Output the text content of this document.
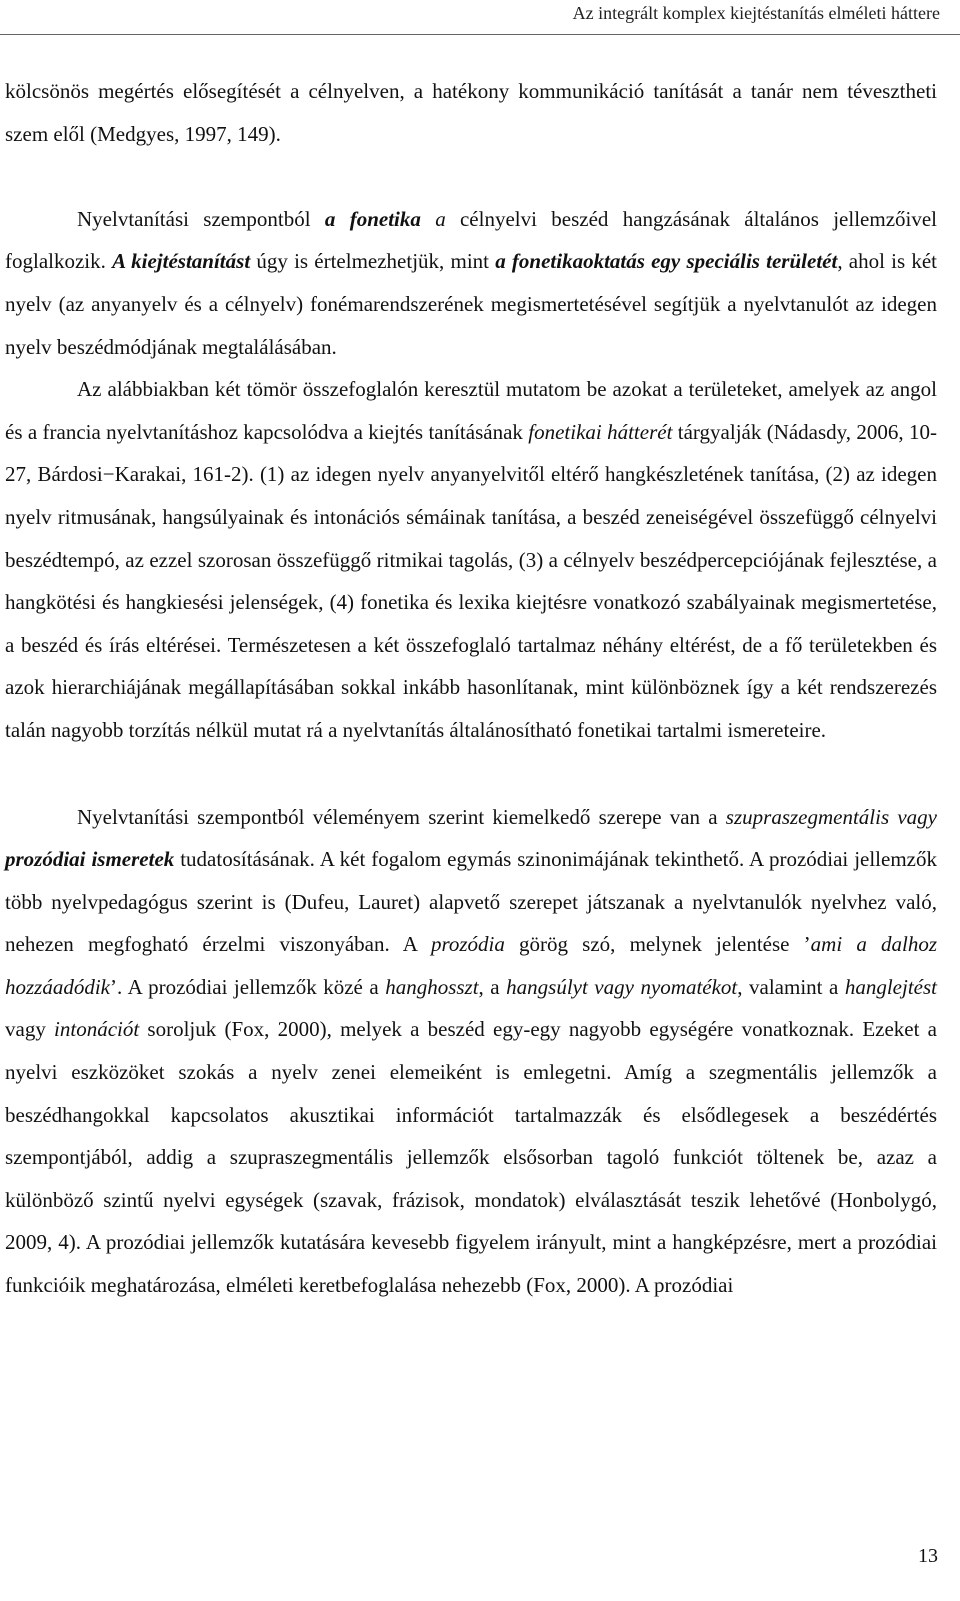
Az integrált komplex kiejtéstanítás elméleti háttere

kölcsönös megértés elősegítését a célnyelven, a hatékony kommunikáció tanítását a tanár nem tévesztheti szem elől (Medgyes, 1997, 149).

Nyelvtanítási szempontból a fonetika a célnyelvi beszéd hangzásának általános jellemzőivel foglalkozik. A kiejtéstanítást úgy is értelmezhetjük, mint a fonetikaoktatás egy speciális területét, ahol is két nyelv (az anyanyelv és a célnyelv) fonémarendszerének megismertetésével segítjük a nyelvtanulót az idegen nyelv beszédmódjának megtalálásában.

Az alábbiakban két tömör összefoglalón keresztül mutatom be azokat a területeket, amelyek az angol és a francia nyelvtanításhoz kapcsolódva a kiejtés tanításának fonetikai hátterét tárgyalják (Nádasdy, 2006, 10-27, Bárdosi−Karakai, 161-2). (1) az idegen nyelv anyanyelvitől eltérő hangkészletének tanítása, (2) az idegen nyelv ritmusának, hangsúlyainak és intonációs sémáinak tanítása, a beszéd zeneiségével összefüggő célnyelvi beszédtempó, az ezzel szorosan összefüggő ritmikai tagolás, (3) a célnyelv beszédpercepciójának fejlesztése, a hangkötési és hangkiesési jelenségek, (4) fonetika és lexika kiejtésre vonatkozó szabályainak megismertetése, a beszéd és írás eltérései. Természetesen a két összefoglaló tartalmaz néhány eltérést, de a fő területekben és azok hierarchiájának megállapításában sokkal inkább hasonlítanak, mint különböznek így a két rendszerezés talán nagyobb torzítás nélkül mutat rá a nyelvtanítás általánosítható fonetikai tartalmi ismereteire.

Nyelvtanítási szempontból véleményem szerint kiemelkedő szerepe van a szupraszegmentális vagy prozódiai ismeretek tudatosításának. A két fogalom egymás szinonimájának tekinthető. A prozódiai jellemzők több nyelvpedagógus szerint is (Dufeu, Lauret) alapvető szerepet játszanak a nyelvtanulók nyelvhez való, nehezen megfogható érzelmi viszonyában. A prozódia görög szó, melynek jelentése ’ami a dalhoz hozzáadódik’. A prozódiai jellemzők közé a hanghosszt, a hangsúlyt vagy nyomatékot, valamint a hanglejtést vagy intonációt soroljuk (Fox, 2000), melyek a beszéd egy-egy nagyobb egységére vonatkoznak. Ezeket a nyelvi eszközöket szokás a nyelv zenei elemeiként is emlegetni. Amíg a szegmentális jellemzők a beszédhangokkal kapcsolatos akusztikai információt tartalmazzák és elsődlegesek a beszédértés szempontjából, addig a szupraszegmentális jellemzők elsősorban tagoló funkciót töltenek be, azaz a különböző szintű nyelvi egységek (szavak, frázisok, mondatok) elválasztását teszik lehetővé (Honbolygó, 2009, 4). A prozódiai jellemzők kutatására kevesebb figyelem irányult, mint a hangképzésre, mert a prozódiai funkcióik meghatározása, elméleti keretbefoglalása nehezebb (Fox, 2000). A prozódiai

13
